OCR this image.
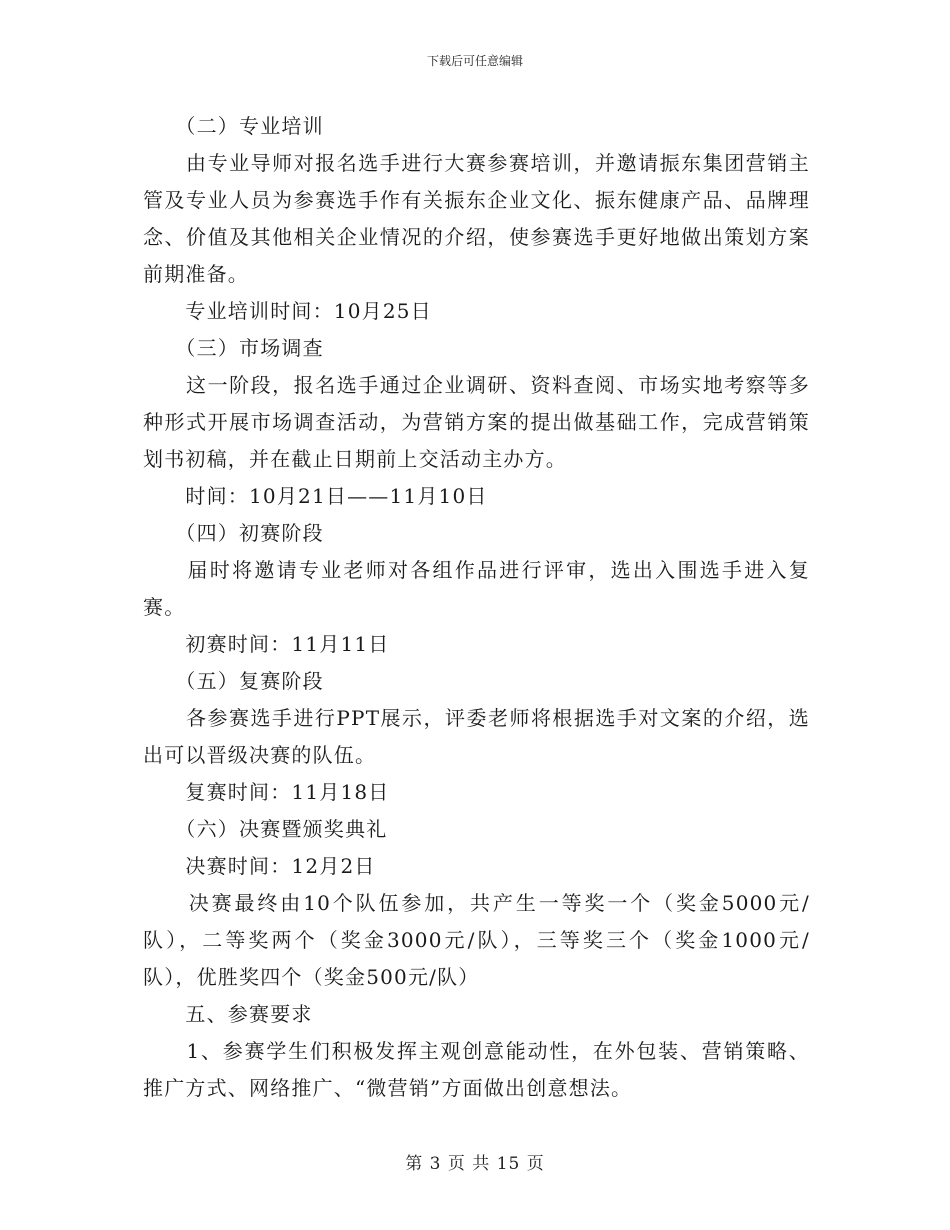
下载后可任意编辑

　　（二）专业培训

　　由专业导师对报名选手进行大赛参赛培训，并邀请振东集团营销主管及专业人员为参赛选手作有关振东企业文化、振东健康产品、品牌理念、价值及其他相关企业情况的介绍，使参赛选手更好地做出策划方案前期准备。

　　专业培训时间：10月25日

　　（三）市场调查

　　这一阶段，报名选手通过企业调研、资料查阅、市场实地考察等多种形式开展市场调查活动，为营销方案的提出做基础工作，完成营销策划书初稿，并在截止日期前上交活动主办方。

　　时间：10月21日——11月10日

　　（四）初赛阶段

　　届时将邀请专业老师对各组作品进行评审，选出入围选手进入复赛。

　　初赛时间：11月11日

　　（五）复赛阶段

　　各参赛选手进行PPT展示，评委老师将根据选手对文案的介绍，选出可以晋级决赛的队伍。

　　复赛时间：11月18日

　　（六）决赛暨颁奖典礼

　　决赛时间：12月2日

　　决赛最终由10个队伍参加，共产生一等奖一个（奖金5000元/队），二等奖两个（奖金3000元/队），三等奖三个（奖金1000元/队），优胜奖四个（奖金500元/队）

　　五、参赛要求

　　1、参赛学生们积极发挥主观创意能动性，在外包装、营销策略、推广方式、网络推广、“微营销”方面做出创意想法。

第 3 页 共 15 页
